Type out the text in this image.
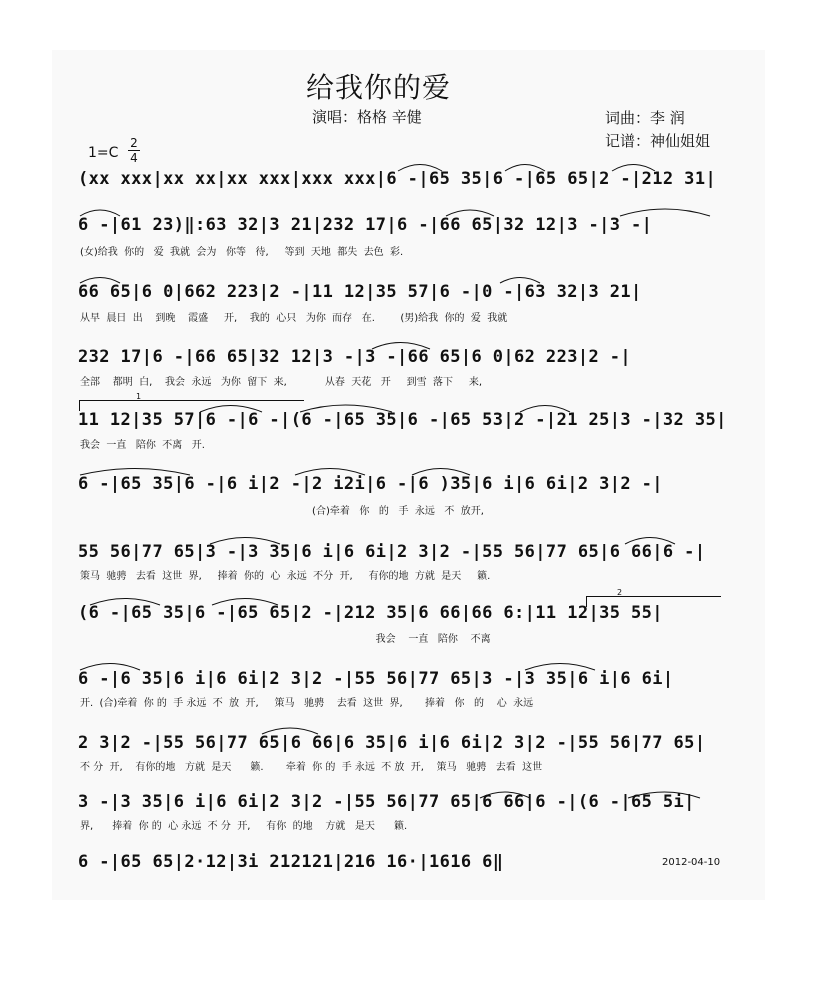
给我你的爱
演唱：格格 辛健	词曲：李 润
记谱：神仙姐姐
1=C
2
4
(xx xxx|xx xx|xx xxx|xxx xxx|6 -|65 35|6 -|65 65|2 -|212 31|
6 -|61 23)‖:63 32|3 21|232 17|6 -|66 65|32 12|3 -|3 -|
(女)给我  你的   爱  我就  会为   你等   待,     等到  天地  都失  去色  彩.
66 65|6 0|662 223|2 -|11 12|35 57|6 -|0 -|63 32|3 21|
从早  晨日  出    到晚    霞盛     开,    我的  心只   为你  而存   在.        (男)给我  你的  爱  我就
232 17|6 -|66 65|32 12|3 -|3 -|66 65|6 0|62 223|2 -|
全部    都明  白,    我会  永远   为你  留下  来,            从春  天花   开     到雪  落下     来,
1
11 12|35 57|6 -|6 -|(6 -|65 35|6 -|65 53|2 -|21 25|3 -|32 35|
我会  一直   陪你  不离   开.
6 -|65 35|6 -|6 i|2 -|2 i2i|6 -|6 )35|6 i|6 6i|2 3|2 -|
(合)牵着   你   的   手  永远   不  放开,
55 56|77 65|3 -|3 35|6 i|6 6i|2 3|2 -|55 56|77 65|6 66|6 -|
策马  驰骋   去看  这世  界,     捧着  你的  心  永远  不分  开,     有你的地  方就  是天     籁.
2
(6 -|65 35|6 -|65 65|2 -|212 35|6 66|66 6:|11 12|35 55|
我会    一直   陪你    不离
6 -|6 35|6 i|6 6i|2 3|2 -|55 56|77 65|3 -|3 35|6 i|6 6i|
开.  (合)牵着  你 的  手 永远  不  放  开,     策马   驰骋    去看  这世  界,       捧着   你   的    心  永远
2 3|2 -|55 56|77 65|6 66|6 35|6 i|6 6i|2 3|2 -|55 56|77 65|
不 分  开,    有你的地   方就  是天      籁.       牵着  你 的  手 永远  不 放  开,    策马   驰骋   去看  这世
3 -|3 35|6 i|6 6i|2 3|2 -|55 56|77 65|6 66|6 -|(6 -|65 5i|
界,      捧着  你 的  心 永远  不 分  开,     有你  的地    方就   是天      籁.
6 -|65 65|2·12|3i 212121|216 16·|1616 6‖	2012-04-10
